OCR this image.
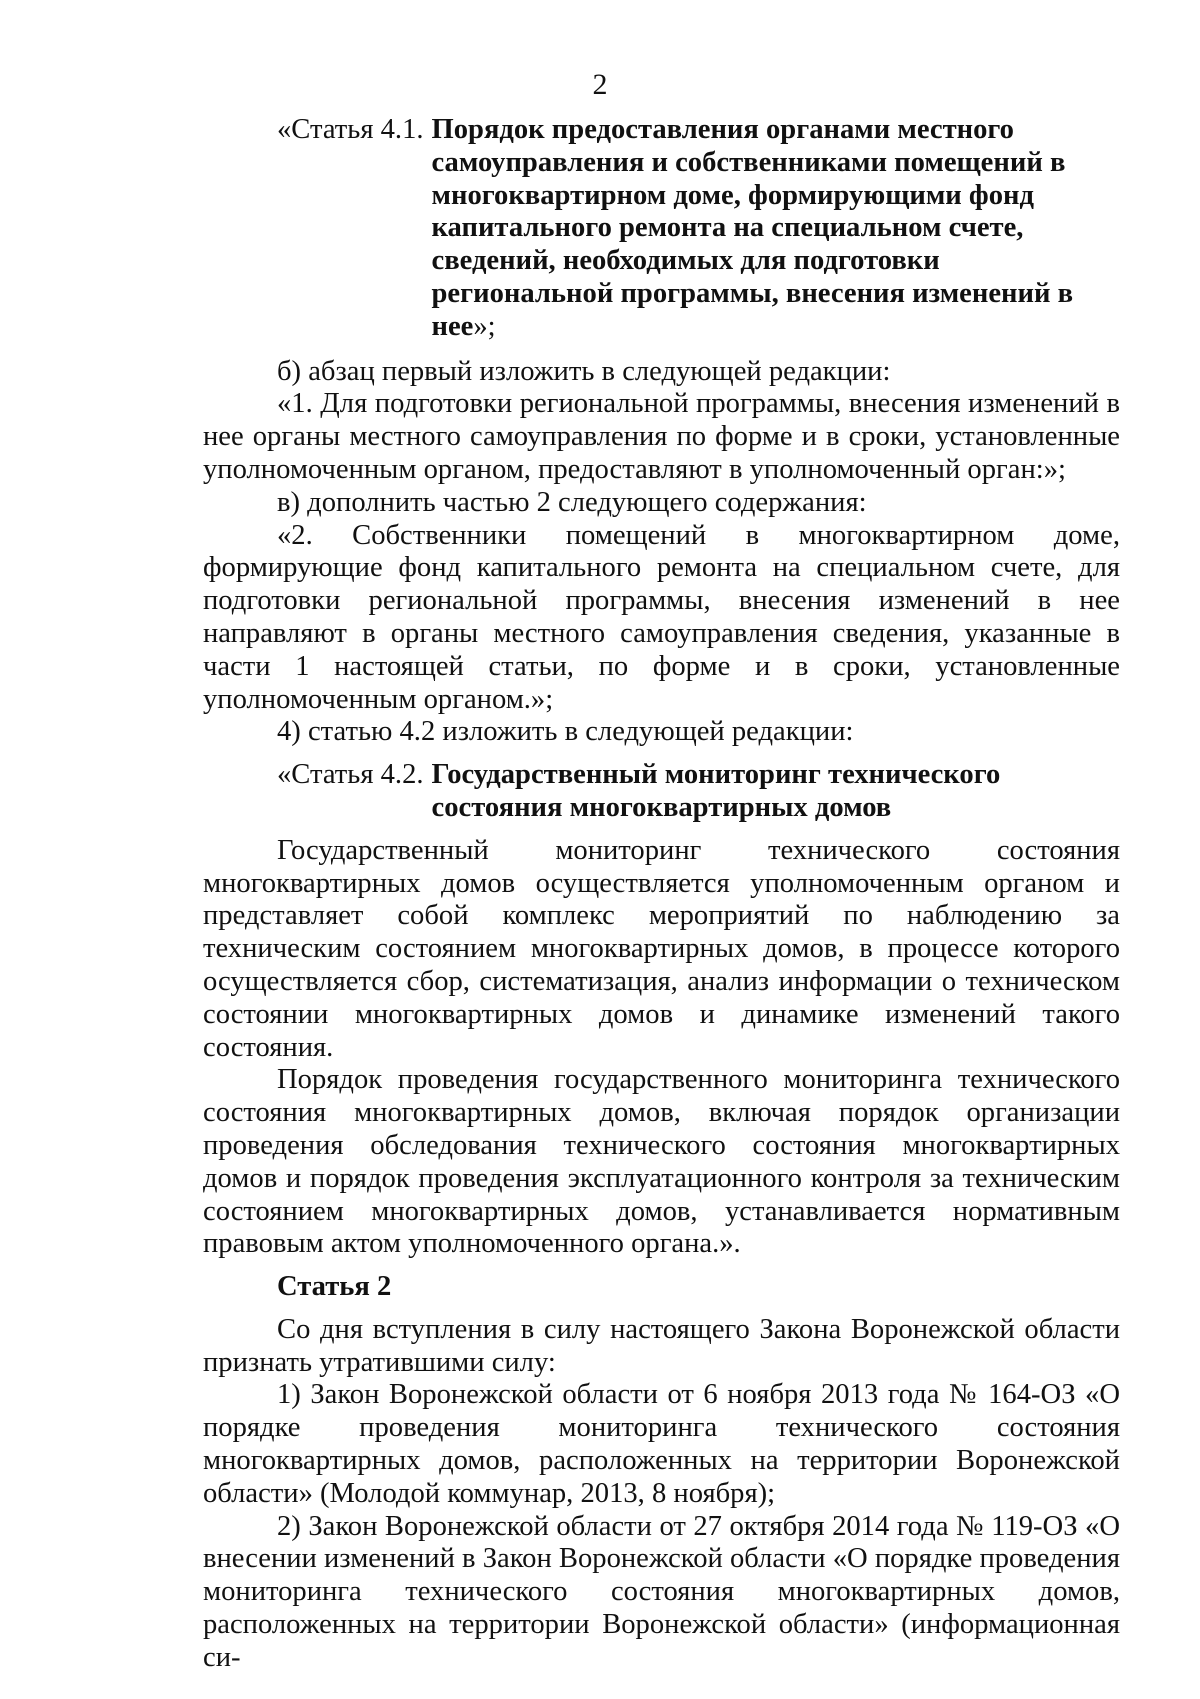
2
«Статья 4.1. Порядок предоставления органами местного самоуправления и собственниками помещений в многоквартирном доме, формирующими фонд капитального ремонта на специальном счете, сведений, необходимых для подготовки региональной программы, внесения изменений в нее»;

б) абзац первый изложить в следующей редакции:

«1. Для подготовки региональной программы, внесения изменений в нее органы местного самоуправления по форме и в сроки, установленные уполномоченным органом, предоставляют в уполномоченный орган:»;

в) дополнить частью 2 следующего содержания:

«2. Собственники помещений в многоквартирном доме, формирующие фонд капитального ремонта на специальном счете, для подготовки региональной программы, внесения изменений в нее направляют в органы местного самоуправления сведения, указанные в части 1 настоящей статьи, по форме и в сроки, установленные уполномоченным органом.»;

4) статью 4.2 изложить в следующей редакции:

«Статья 4.2. Государственный мониторинг технического состояния многоквартирных домов

Государственный мониторинг технического состояния многоквартирных домов осуществляется уполномоченным органом и представляет собой комплекс мероприятий по наблюдению за техническим состоянием многоквартирных домов, в процессе которого осуществляется сбор, систематизация, анализ информации о техническом состоянии многоквартирных домов и динамике изменений такого состояния.

Порядок проведения государственного мониторинга технического состояния многоквартирных домов, включая порядок организации проведения обследования технического состояния многоквартирных домов и порядок проведения эксплуатационного контроля за техническим состоянием многоквартирных домов, устанавливается нормативным правовым актом уполномоченного органа.».

Статья 2

Со дня вступления в силу настоящего Закона Воронежской области признать утратившими силу:

1) Закон Воронежской области от 6 ноября 2013 года № 164-ОЗ «О порядке проведения мониторинга технического состояния многоквартирных домов, расположенных на территории Воронежской области» (Молодой коммунар, 2013, 8 ноября);

2) Закон Воронежской области от 27 октября 2014 года № 119-ОЗ «О внесении изменений в Закон Воронежской области «О порядке проведения мониторинга технического состояния многоквартирных домов, расположенных на территории Воронежской области» (информационная си-
